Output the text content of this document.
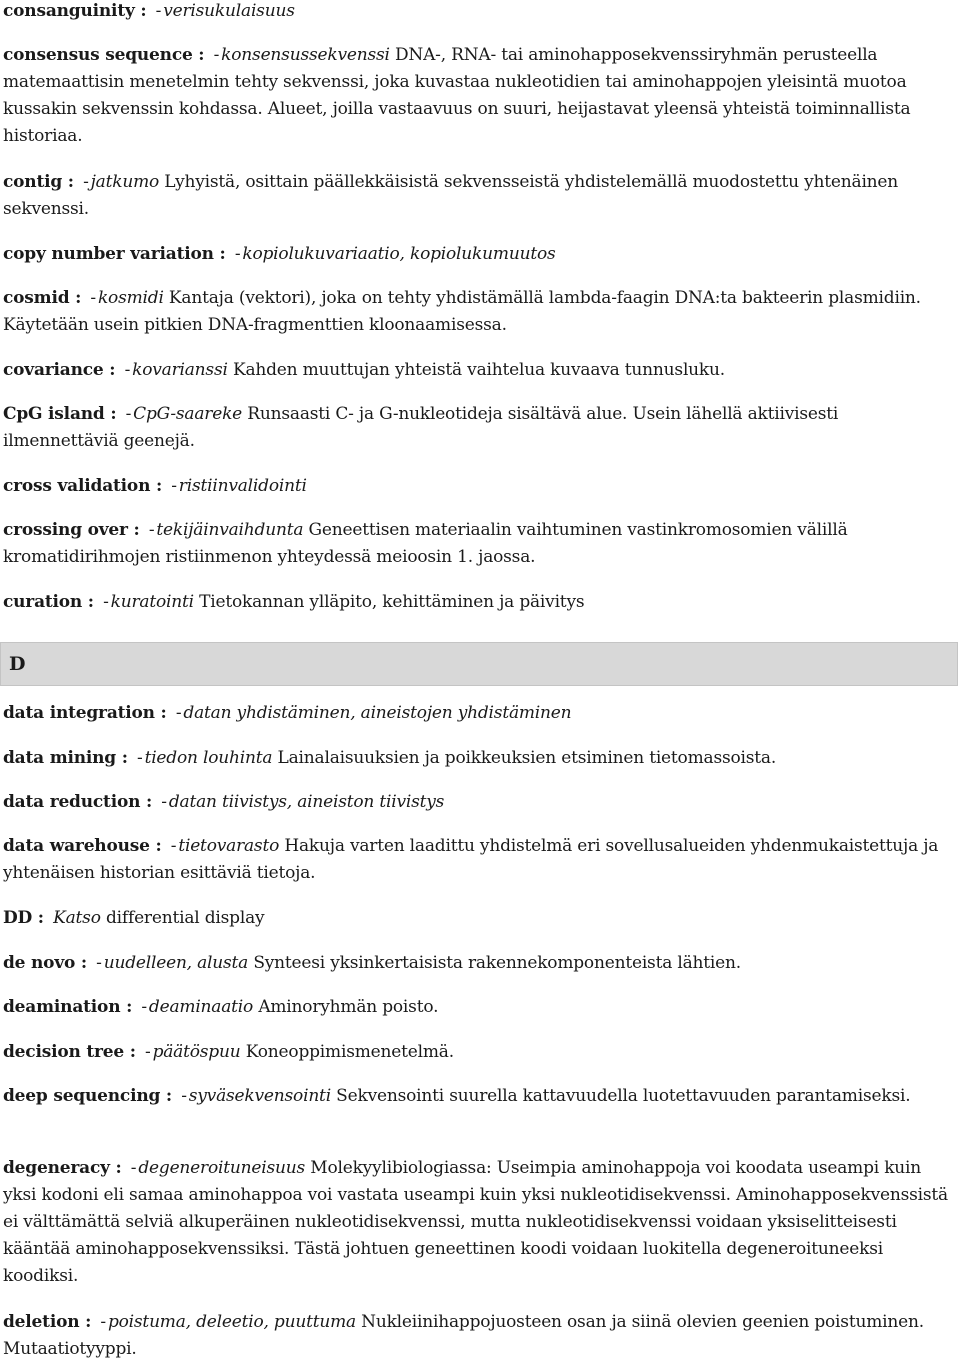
consanguinity : - verisukulaisuus
consensus sequence : - konsensussekvenssi DNA-, RNA- tai aminohapposekvenssiryhmän perusteella matemaattisin menetelmin tehty sekvenssi, joka kuvastaa nukleotidien tai aminohappojen yleisintä muotoa kussakin sekvenssin kohdassa. Alueet, joilla vastaavuus on suuri, heijastavat yleensä yhteistä toiminnallista historiaa.
contig : - jatkumo Lyhyistä, osittain päällekkäisistä sekvensseistä yhdistelemällä muodostettu yhtenäinen sekvenssi.
copy number variation : - kopiolukuvariaatio, kopiolukumuutos
cosmid : - kosmidi Kantaja (vektori), joka on tehty yhdistämällä lambda-faagin DNA:ta bakteerin plasmidiin. Käytetään usein pitkien DNA-fragmenttien kloonaamisessa.
covariance : - kovarianssi Kahden muuttujan yhteistä vaihtelua kuvaava tunnusluku.
CpG island : - CpG-saareke Runsaasti C- ja G-nukleotideja sisältävä alue. Usein lähellä aktiivisesti ilmennettäviä geenejä.
cross validation : - ristiinvalidointi
crossing over : - tekijäinvaihdunta Geneettisen materiaalin vaihtuminen vastinkromosomien välillä kromatidirihmojen ristiinmenon yhteydessä meioosin 1. jaossa.
curation : - kuratointi Tietokannan ylläpito, kehittäminen ja päivitys
D
data integration : - datan yhdistäminen, aineistojen yhdistäminen
data mining : - tiedon louhinta Lainalaisuuksien ja poikkeuksien etsiminen tietomassoista.
data reduction : - datan tiivistys, aineiston tiivistys
data warehouse : - tietovarasto Hakuja varten laadittu yhdistelmä eri sovellusalueiden yhdenmukaistettuja ja yhtenäisen historian esittäviä tietoja.
DD : Katso differential display
de novo : - uudelleen, alusta Synteesi yksinkertaisista rakennekomponenteista lähtien.
deamination : - deaminaatio Aminoryhmän poisto.
decision tree : - päätöspuu Koneoppimismenetelmä.
deep sequencing : - syväsekvensointi Sekvensointi suurella kattavuudella luotettavuuden parantamiseksi.
degeneracy : - degeneroituneisuus Molekyylibiologiassa: Useimpia aminohappoja voi koodata useampi kuin yksi kodoni eli samaa aminohappoa voi vastata useampi kuin yksi nukleotidisekvenssi. Aminohapposekvenssistä ei välttämättä selviä alkuperäinen nukleotidisekvenssi, mutta nukleotidisekvenssi voidaan yksiselitteisesti kääntää aminohapposekvenssiksi. Tästä johtuen geneettinen koodi voidaan luokitella degeneroituneeksi koodiksi.
deletion : - poistuma, deleetio, puuttuma Nukleiinihappojuosteen osan ja siinä olevien geenien poistuminen. Mutaatiotyyppi.
